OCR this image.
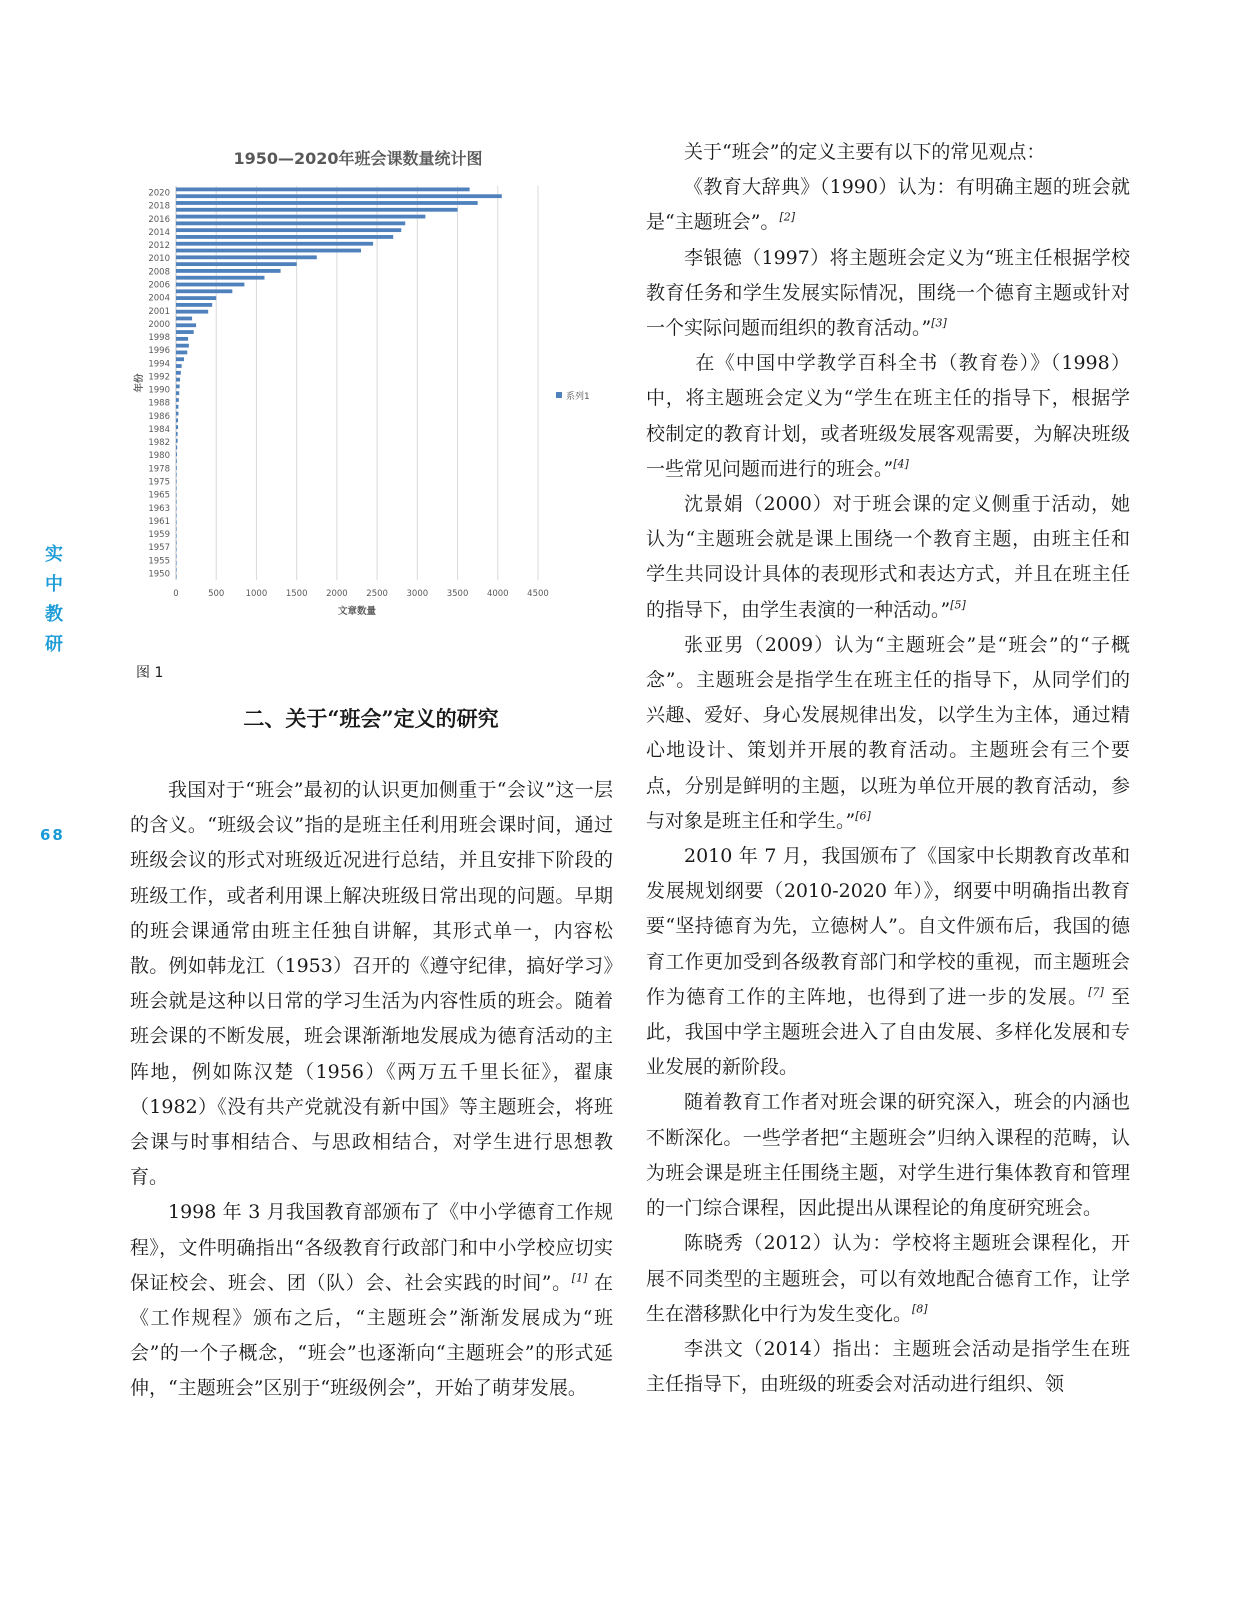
实
中
教
研
68
1950—2020年班会课数量统计图
0	500	1000 1500 2000 2500 3000 3500 4000 4500
2020
2018
2016
2014
2012
2010
2008
2006
2004
2001
2000
1998
1996
1994
1992
1990
1988
1986
1984
1982
1980
1978
1975
1965
1963
1961
1959
1957
1955
1950
文章数量
年份
系列1
图 1
二、关于“班会”定义的研究

我国对于“班会”最初的认识更加侧重于“会议”这一层的含义。“班级会议”指的是班主任利用班会课时间，通过班级会议的形式对班级近况进行总结，并且安排下阶段的班级工作，或者利用课上解决班级日常出现的问题。早期的班会课通常由班主任独自讲解，其形式单一，内容松散。例如韩龙江（1953）召开的《遵守纪律，搞好学习》班会就是这种以日常的学习生活为内容性质的班会。随着班会课的不断发展，班会课渐渐地发展成为德育活动的主阵地，例如陈汉楚（1956）《两万五千里长征》，翟康（1982）《没有共产党就没有新中国》等主题班会，将班会课与时事相结合、与思政相结合，对学生进行思想教育。

1998 年 3 月我国教育部颁布了《中小学德育工作规程》，文件明确指出“各级教育行政部门和中小学校应切实保证校会、班会、团（队）会、社会实践的时间”。[1] 在《工作规程》颁布之后，“主题班会”渐渐发展成为“班会”的一个子概念，“班会”也逐渐向“主题班会”的形式延伸，“主题班会”区别于“班级例会”，开始了萌芽发展。

关于“班会”的定义主要有以下的常见观点：

《教育大辞典》（1990）认为：有明确主题的班会就是“主题班会”。[2]

李银德（1997）将主题班会定义为“班主任根据学校教育任务和学生发展实际情况，围绕一个德育主题或针对一个实际问题而组织的教育活动。”[3]

在《中国中学教学百科全书（教育卷）》（1998）中，将主题班会定义为“学生在班主任的指导下，根据学校制定的教育计划，或者班级发展客观需要，为解决班级一些常见问题而进行的班会。”[4]

沈景娟（2000）对于班会课的定义侧重于活动，她认为“主题班会就是课上围绕一个教育主题，由班主任和学生共同设计具体的表现形式和表达方式，并且在班主任的指导下，由学生表演的一种活动。”[5]

张亚男（2009）认为“主题班会”是“班会”的“子概念”。主题班会是指学生在班主任的指导下，从同学们的兴趣、爱好、身心发展规律出发，以学生为主体，通过精心地设计、策划并开展的教育活动。主题班会有三个要点，分别是鲜明的主题，以班为单位开展的教育活动，参与对象是班主任和学生。”[6]

2010 年 7 月，我国颁布了《国家中长期教育改革和发展规划纲要（2010-2020 年）》，纲要中明确指出教育要“坚持德育为先，立德树人”。自文件颁布后，我国的德育工作更加受到各级教育部门和学校的重视，而主题班会作为德育工作的主阵地，也得到了进一步的发展。[7] 至此，我国中学主题班会进入了自由发展、多样化发展和专业发展的新阶段。

随着教育工作者对班会课的研究深入，班会的内涵也不断深化。一些学者把“主题班会”归纳入课程的范畴，认为班会课是班主任围绕主题，对学生进行集体教育和管理的一门综合课程，因此提出从课程论的角度研究班会。

陈晓秀（2012）认为：学校将主题班会课程化，开展不同类型的主题班会，可以有效地配合德育工作，让学生在潜移默化中行为发生变化。[8]

李洪文（2014）指出：主题班会活动是指学生在班主任指导下，由班级的班委会对活动进行组织、领
